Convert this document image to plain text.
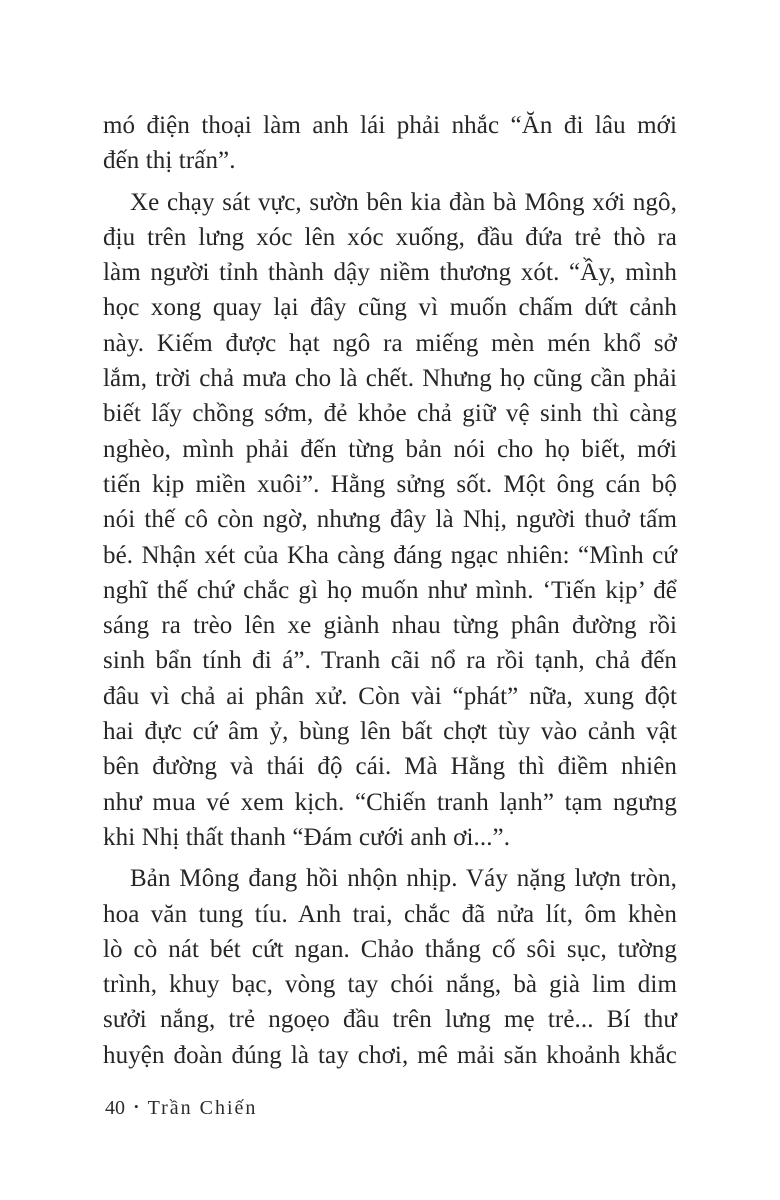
mó điện thoại làm anh lái phải nhắc “Ăn đi lâu mới
đến thị trấn”.
Xe chạy sát vực, sườn bên kia đàn bà Mông xới ngô,
địu trên lưng xóc lên xóc xuống, đầu đứa trẻ thò ra
làm người tỉnh thành dậy niềm thương xót. “Ầy, mình
học xong quay lại đây cũng vì muốn chấm dứt cảnh
này. Kiếm được hạt ngô ra miếng mèn mén khổ sở
lắm, trời chả mưa cho là chết. Nhưng họ cũng cần phải
biết lấy chồng sớm, đẻ khỏe chả giữ vệ sinh thì càng
nghèo, mình phải đến từng bản nói cho họ biết, mới
tiến kịp miền xuôi”. Hằng sửng sốt. Một ông cán bộ
nói thế cô còn ngờ, nhưng đây là Nhị, người thuở tấm
bé. Nhận xét của Kha càng đáng ngạc nhiên: “Mình cứ
nghĩ thế chứ chắc gì họ muốn như mình. ‘Tiến kịp’ để
sáng ra trèo lên xe giành nhau từng phân đường rồi
sinh bẩn tính đi á”. Tranh cãi nổ ra rồi tạnh, chả đến
đâu vì chả ai phân xử. Còn vài “phát” nữa, xung đột
hai đực cứ âm ỷ, bùng lên bất chợt tùy vào cảnh vật
bên đường và thái độ cái. Mà Hằng thì điềm nhiên
như mua vé xem kịch. “Chiến tranh lạnh” tạm ngưng
khi Nhị thất thanh “Đám cưới anh ơi...”.
Bản Mông đang hồi nhộn nhịp. Váy nặng lượn tròn,
hoa văn tung tíu. Anh trai, chắc đã nửa lít, ôm khèn
lò cò nát bét cứt ngan. Chảo thắng cố sôi sục, tường
trình, khuy bạc, vòng tay chói nắng, bà già lim dim
sưởi nắng, trẻ ngoẹo đầu trên lưng mẹ trẻ... Bí thư
huyện đoàn đúng là tay chơi, mê mải săn khoảnh khắc
40 • Trần Chiến
